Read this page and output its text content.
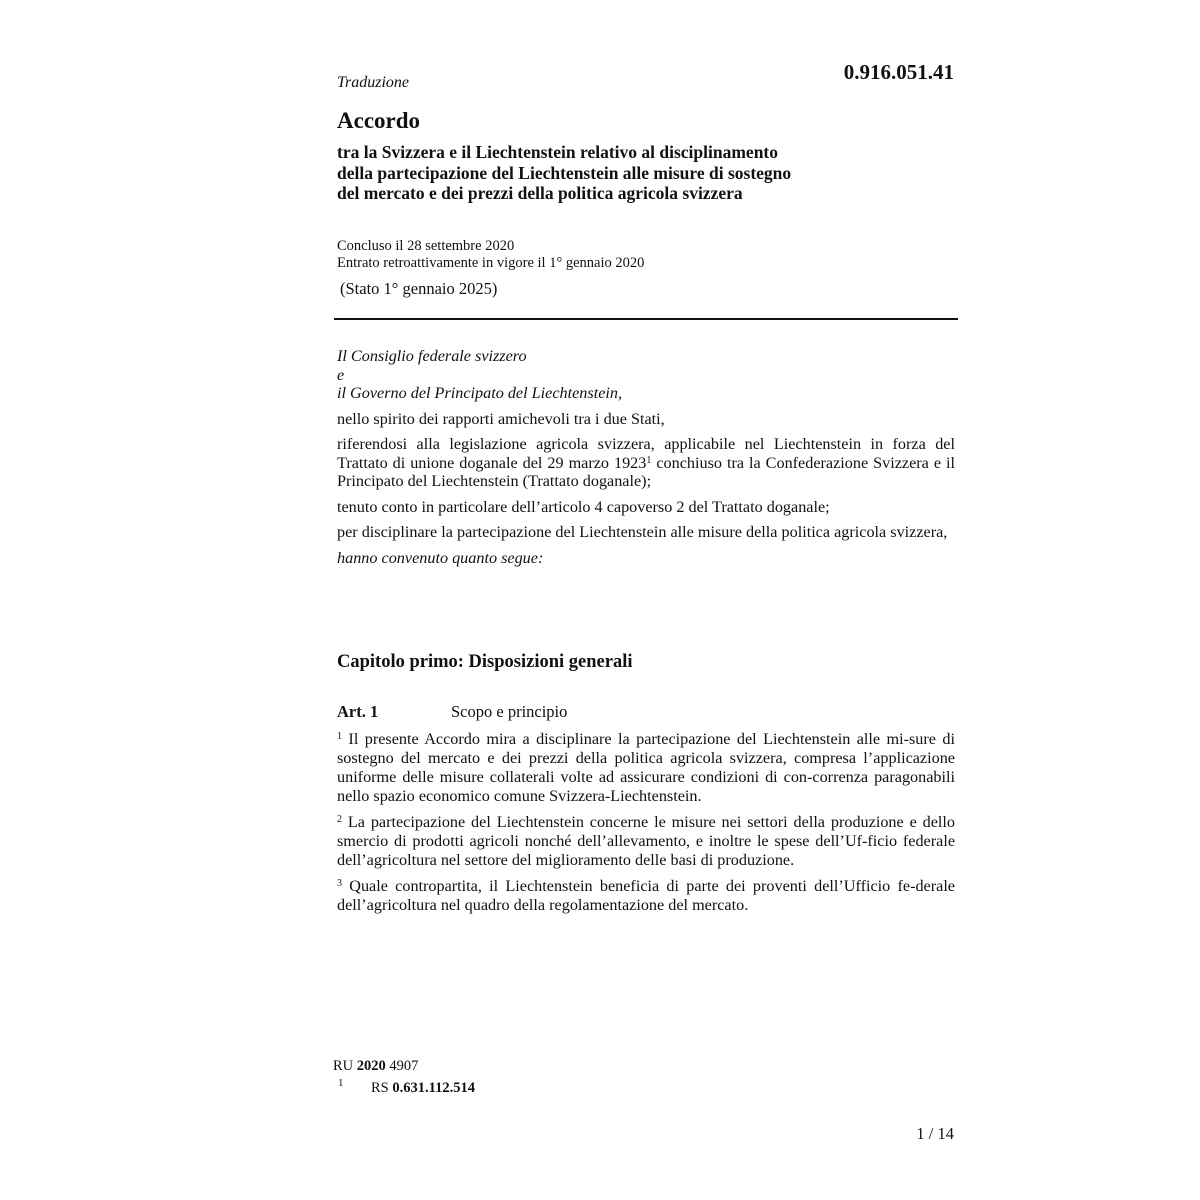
0.916.051.41
Traduzione
Accordo
tra la Svizzera e il Liechtenstein relativo al disciplinamento
della partecipazione del Liechtenstein alle misure di sostegno
del mercato e dei prezzi della politica agricola svizzera
Concluso il 28 settembre 2020
Entrato retroattivamente in vigore il 1° gennaio 2020
(Stato 1° gennaio 2025)
Il Consiglio federale svizzero
e
il Governo del Principato del Liechtenstein,

nello spirito dei rapporti amichevoli tra i due Stati,

riferendosi alla legislazione agricola svizzera, applicabile nel Liechtenstein in forza del Trattato di unione doganale del 29 marzo 1923$^1$ conchiuso tra la Confederazione Svizzera e il Principato del Liechtenstein (Trattato doganale);

tenuto conto in particolare dell’articolo 4 capoverso 2 del Trattato doganale;

per disciplinare la partecipazione del Liechtenstein alle misure della politica agricola svizzera,

hanno convenuto quanto segue:

Capitolo primo: Disposizioni generali
Art. 1	Scopo e principio

$^1$ Il presente Accordo mira a disciplinare la partecipazione del Liechtenstein alle mi-sure di sostegno del mercato e dei prezzi della politica agricola svizzera, compresa l’applicazione uniforme delle misure collaterali volte ad assicurare condizioni di con-correnza paragonabili nello spazio economico comune Svizzera-Liechtenstein.

$^2$ La partecipazione del Liechtenstein concerne le misure nei settori della produzione e dello smercio di prodotti agricoli nonché dell’allevamento, e inoltre le spese dell’Uf-ficio federale dell’agricoltura nel settore del miglioramento delle basi di produzione.

$^3$ Quale contropartita, il Liechtenstein beneficia di parte dei proventi dell’Ufficio fe-derale dell’agricoltura nel quadro della regolamentazione del mercato.

RU 2020 4907
1 RS 0.631.112.514
1 / 14
